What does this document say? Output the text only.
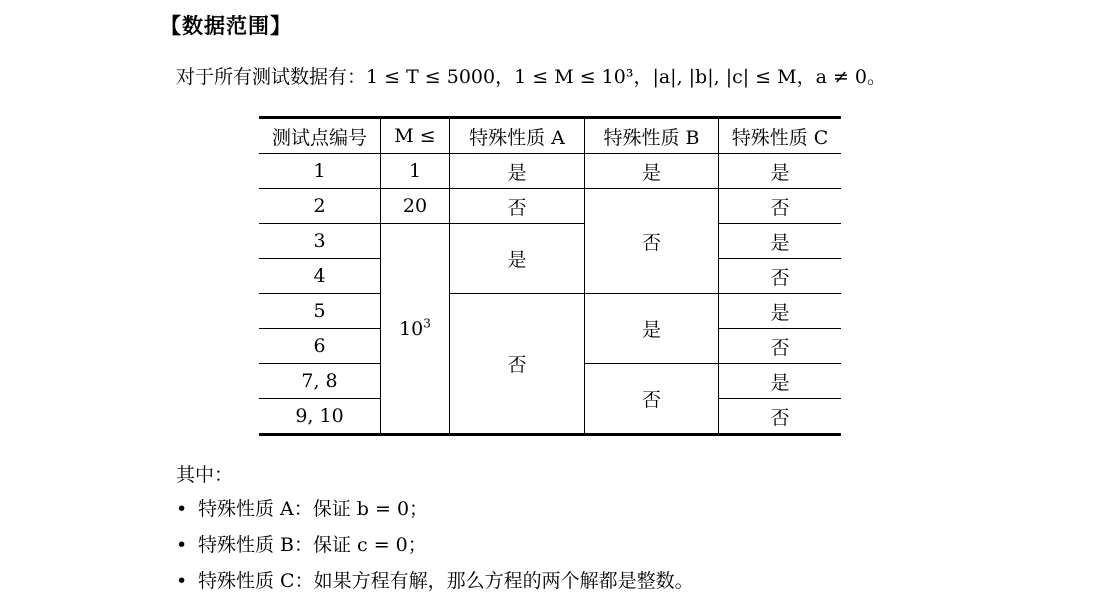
【数据范围】
对于所有测试数据有：1 ≤ T ≤ 5000，1 ≤ M ≤ 10³，|a|, |b|, |c| ≤ M，a ≠ 0。
测试点编号	M ≤	特殊性质 A	特殊性质 B	特殊性质 C
1	1	是	是	是
2	20	否	否	否
3	$10^3$	是		是
4				否
5		否	是	是
6				否
7, 8			否	是
9, 10				否
其中：
• 特殊性质 A：保证 b = 0；
• 特殊性质 B：保证 c = 0；
• 特殊性质 C：如果方程有解，那么方程的两个解都是整数。
